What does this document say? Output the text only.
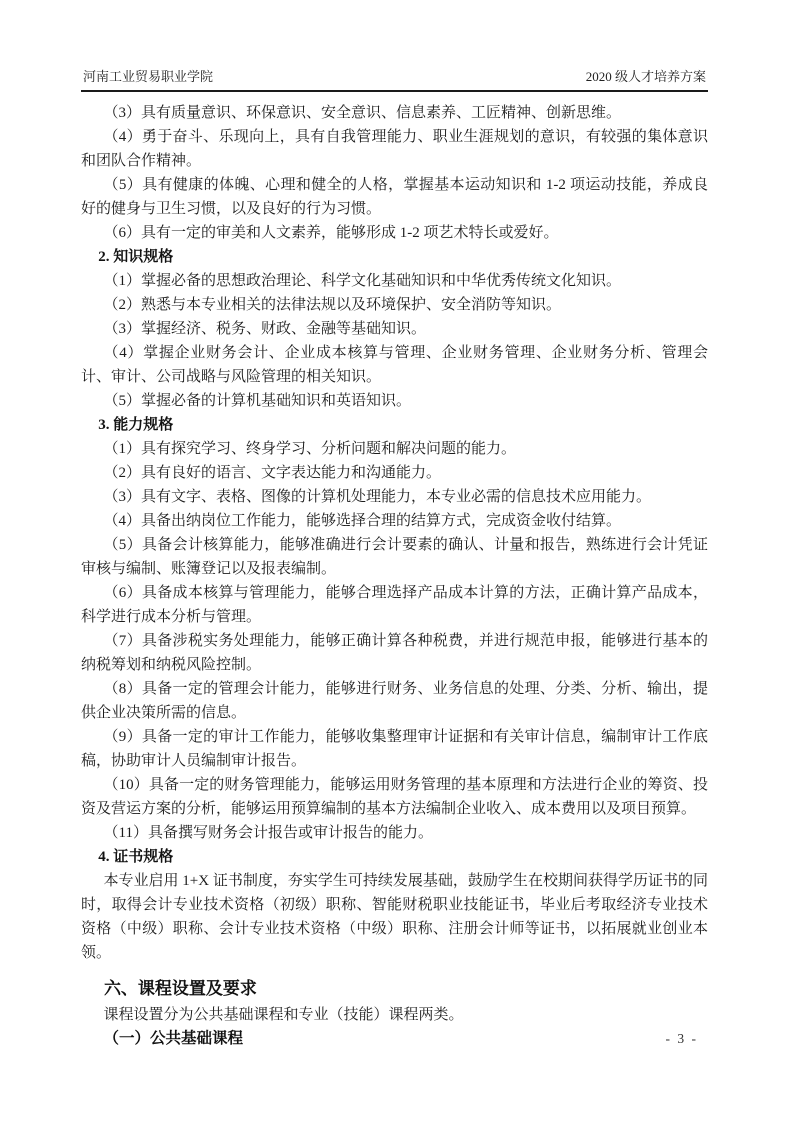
河南工业贸易职业学院	2020 级人才培养方案

（3）具有质量意识、环保意识、安全意识、信息素养、工匠精神、创新思维。

（4）勇于奋斗、乐现向上，具有自我管理能力、职业生涯规划的意识，有较强的集体意识和团队合作精神。

（5）具有健康的体魄、心理和健全的人格，掌握基本运动知识和 1-2 项运动技能，养成良好的健身与卫生习惯，以及良好的行为习惯。

（6）具有一定的审美和人文素养，能够形成 1-2 项艺术特长或爱好。

2. 知识规格

（1）掌握必备的思想政治理论、科学文化基础知识和中华优秀传统文化知识。

（2）熟悉与本专业相关的法律法规以及环境保护、安全消防等知识。

（3）掌握经济、税务、财政、金融等基础知识。

（4）掌握企业财务会计、企业成本核算与管理、企业财务管理、企业财务分析、管理会计、审计、公司战略与风险管理的相关知识。

（5）掌握必备的计算机基础知识和英语知识。

3. 能力规格

（1）具有探究学习、终身学习、分析问题和解决问题的能力。

（2）具有良好的语言、文字表达能力和沟通能力。

（3）具有文字、表格、图像的计算机处理能力，本专业必需的信息技术应用能力。

（4）具备出纳岗位工作能力，能够选择合理的结算方式，完成资金收付结算。

（5）具备会计核算能力，能够准确进行会计要素的确认、计量和报告，熟练进行会计凭证审核与编制、账簿登记以及报表编制。

（6）具备成本核算与管理能力，能够合理选择产品成本计算的方法，正确计算产品成本，科学进行成本分析与管理。

（7）具备涉税实务处理能力，能够正确计算各种税费，并进行规范申报，能够进行基本的纳税筹划和纳税风险控制。

（8）具备一定的管理会计能力，能够进行财务、业务信息的处理、分类、分析、输出，提供企业决策所需的信息。

（9）具备一定的审计工作能力，能够收集整理审计证据和有关审计信息，编制审计工作底稿，协助审计人员编制审计报告。

（10）具备一定的财务管理能力，能够运用财务管理的基本原理和方法进行企业的筹资、投资及营运方案的分析，能够运用预算编制的基本方法编制企业收入、成本费用以及项目预算。

（11）具备撰写财务会计报告或审计报告的能力。

4. 证书规格

本专业启用 1+X 证书制度，夯实学生可持续发展基础，鼓励学生在校期间获得学历证书的同时，取得会计专业技术资格（初级）职称、智能财税职业技能证书，毕业后考取经济专业技术资格（中级）职称、会计专业技术资格（中级）职称、注册会计师等证书，以拓展就业创业本领。

六、课程设置及要求

课程设置分为公共基础课程和专业（技能）课程两类。

（一）公共基础课程	- 3 -
